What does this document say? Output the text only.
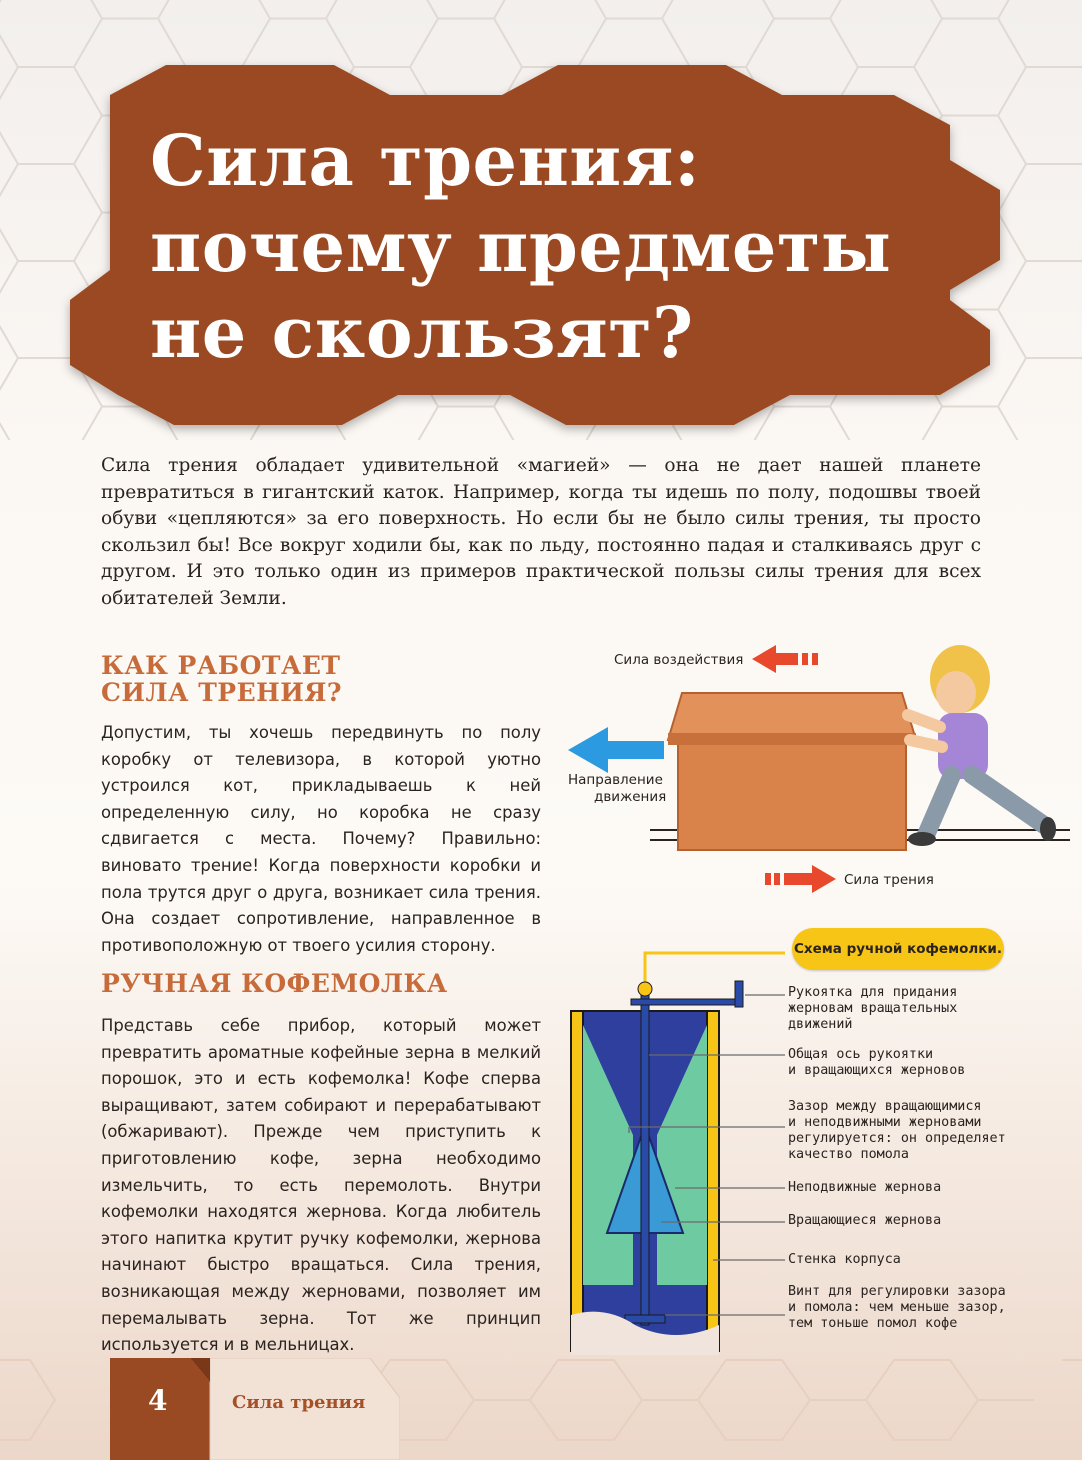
Сила трения:
почему предметы
не скользят?
Сила трения обладает удивительной «магией» — она не дает нашей планете превратиться в гигантский каток. Например, когда ты идешь по полу, подошвы твоей обуви «цепляются» за его поверхность. Но если бы не было силы трения, ты просто скользил бы! Все вокруг ходили бы, как по льду, постоянно падая и сталкиваясь друг с другом. И это только один из примеров практической пользы силы трения для всех обитателей Земли.
КАК РАБОТАЕТ СИЛА ТРЕНИЯ?
Допустим, ты хочешь передвинуть по полу коробку от телевизора, в которой уютно устроился кот, прикладываешь к ней определенную силу, но коробка не сразу сдвигается с места. Почему? Правильно: виновато трение! Когда поверхности коробки и пола трутся друг о друга, возникает сила трения. Она создает сопротивление, направленное в противоположную от твоего усилия сторону.
РУЧНАЯ КОФЕМОЛКА
Представь себе прибор, который может превратить ароматные кофейные зерна в мелкий порошок, это и есть кофемолка! Кофе сперва выращивают, затем собирают и перерабатывают (обжаривают). Прежде чем приступить к приготовлению кофе, зерна необходимо измельчить, то есть перемолоть. Внутри кофемолки находятся жернова. Когда любитель этого напитка крутит ручку кофемолки, жернова начинают быстро вращаться. Сила трения, возникающая между жерновами, позволяет им перемалывать зерна. Тот же принцип используется и в мельницах.
Сила воздействия
Направление
движения
Сила трения
Схема ручной кофемолки.
Рукоятка для придания
жерновам вращательных
движений
Общая ось рукоятки
и вращающихся жерновов
Зазор между вращающимися
и неподвижными жерновами
регулируется: он определяет
качество помола
Неподвижные жернова
Вращающиеся жернова
Стенка корпуса
Винт для регулировки зазора
и помола: чем меньше зазор,
тем тоньше помол кофе
4	Сила трения
